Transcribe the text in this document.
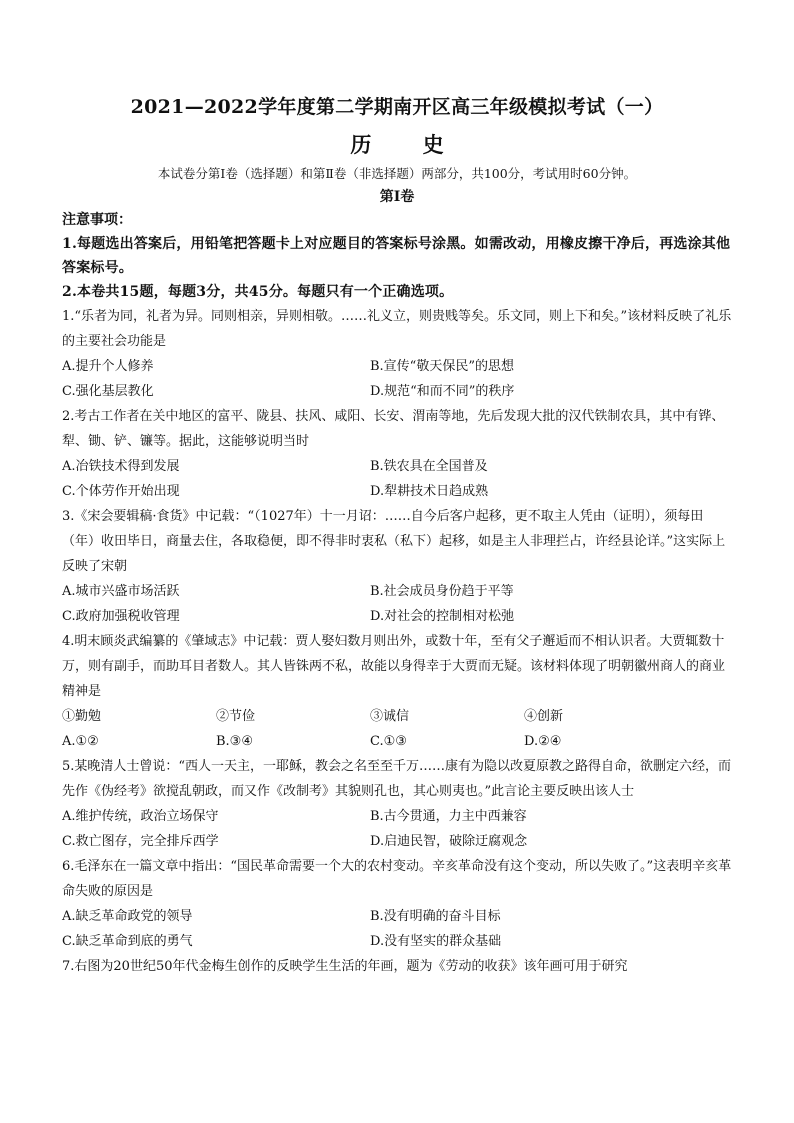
2021—2022学年度第二学期南开区高三年级模拟考试（一）
历 史
本试卷分第Ⅰ卷（选择题）和第Ⅱ卷（非选择题）两部分，共100分，考试用时60分钟。
第Ⅰ卷
注意事项：
1.每题选出答案后，用铅笔把答题卡上对应题目的答案标号涂黑。如需改动，用橡皮擦干净后，再选涂其他答案标号。
2.本卷共15题，每题3分，共45分。每题只有一个正确选项。
1.“乐者为同，礼者为异。同则相亲，异则相敬。……礼义立，则贵贱等矣。乐文同，则上下和矣。”该材料反映了礼乐的主要社会功能是
A.提升个人修养	B.宣传“敬天保民”的思想
C.强化基层教化	D.规范“和而不同”的秩序
2.考古工作者在关中地区的富平、陇县、扶风、咸阳、长安、渭南等地，先后发现大批的汉代铁制农具，其中有铧、犁、锄、铲、镰等。据此，这能够说明当时
A.冶铁技术得到发展	B.铁农具在全国普及
C.个体劳作开始出现	D.犁耕技术日趋成熟
3.《宋会要辑稿·食货》中记载：“（1027年）十一月诏：……自今后客户起移，更不取主人凭由（证明），须每田（年）收田毕日，商量去住，各取稳便，即不得非时衷私（私下）起移，如是主人非理拦占，许经县论详。”这实际上反映了宋朝
A.城市兴盛市场活跃	B.社会成员身份趋于平等
C.政府加强税收管理	D.对社会的控制相对松弛
4.明末顾炎武编纂的《肇域志》中记载：贾人娶妇数月则出外，或数十年，至有父子邂逅而不相认识者。大贾辄数十万，则有副手，而助耳目者数人。其人皆铢两不私，故能以身得幸于大贾而无疑。该材料体现了明朝徽州商人的商业精神是
①勤勉	②节俭	③诚信	④创新
A.①②	B.③④	C.①③	D.②④
5.某晚清人士曾说：“西人一天主，一耶稣，教会之名至至千万……康有为隐以改夏原教之路得自命，欲删定六经，而先作《伪经考》欲搅乱朝政，而又作《改制考》其貌则孔也，其心则夷也。”此言论主要反映出该人士
A.维护传统，政治立场保守	B.古今贯通，力主中西兼容
C.救亡图存，完全排斥西学	D.启迪民智，破除迂腐观念
6.毛泽东在一篇文章中指出：“国民革命需要一个大的农村变动。辛亥革命没有这个变动，所以失败了。”这表明辛亥革命失败的原因是
A.缺乏革命政党的领导	B.没有明确的奋斗目标
C.缺乏革命到底的勇气	D.没有坚实的群众基础
7.右图为20世纪50年代金梅生创作的反映学生生活的年画，题为《劳动的收获》该年画可用于研究
